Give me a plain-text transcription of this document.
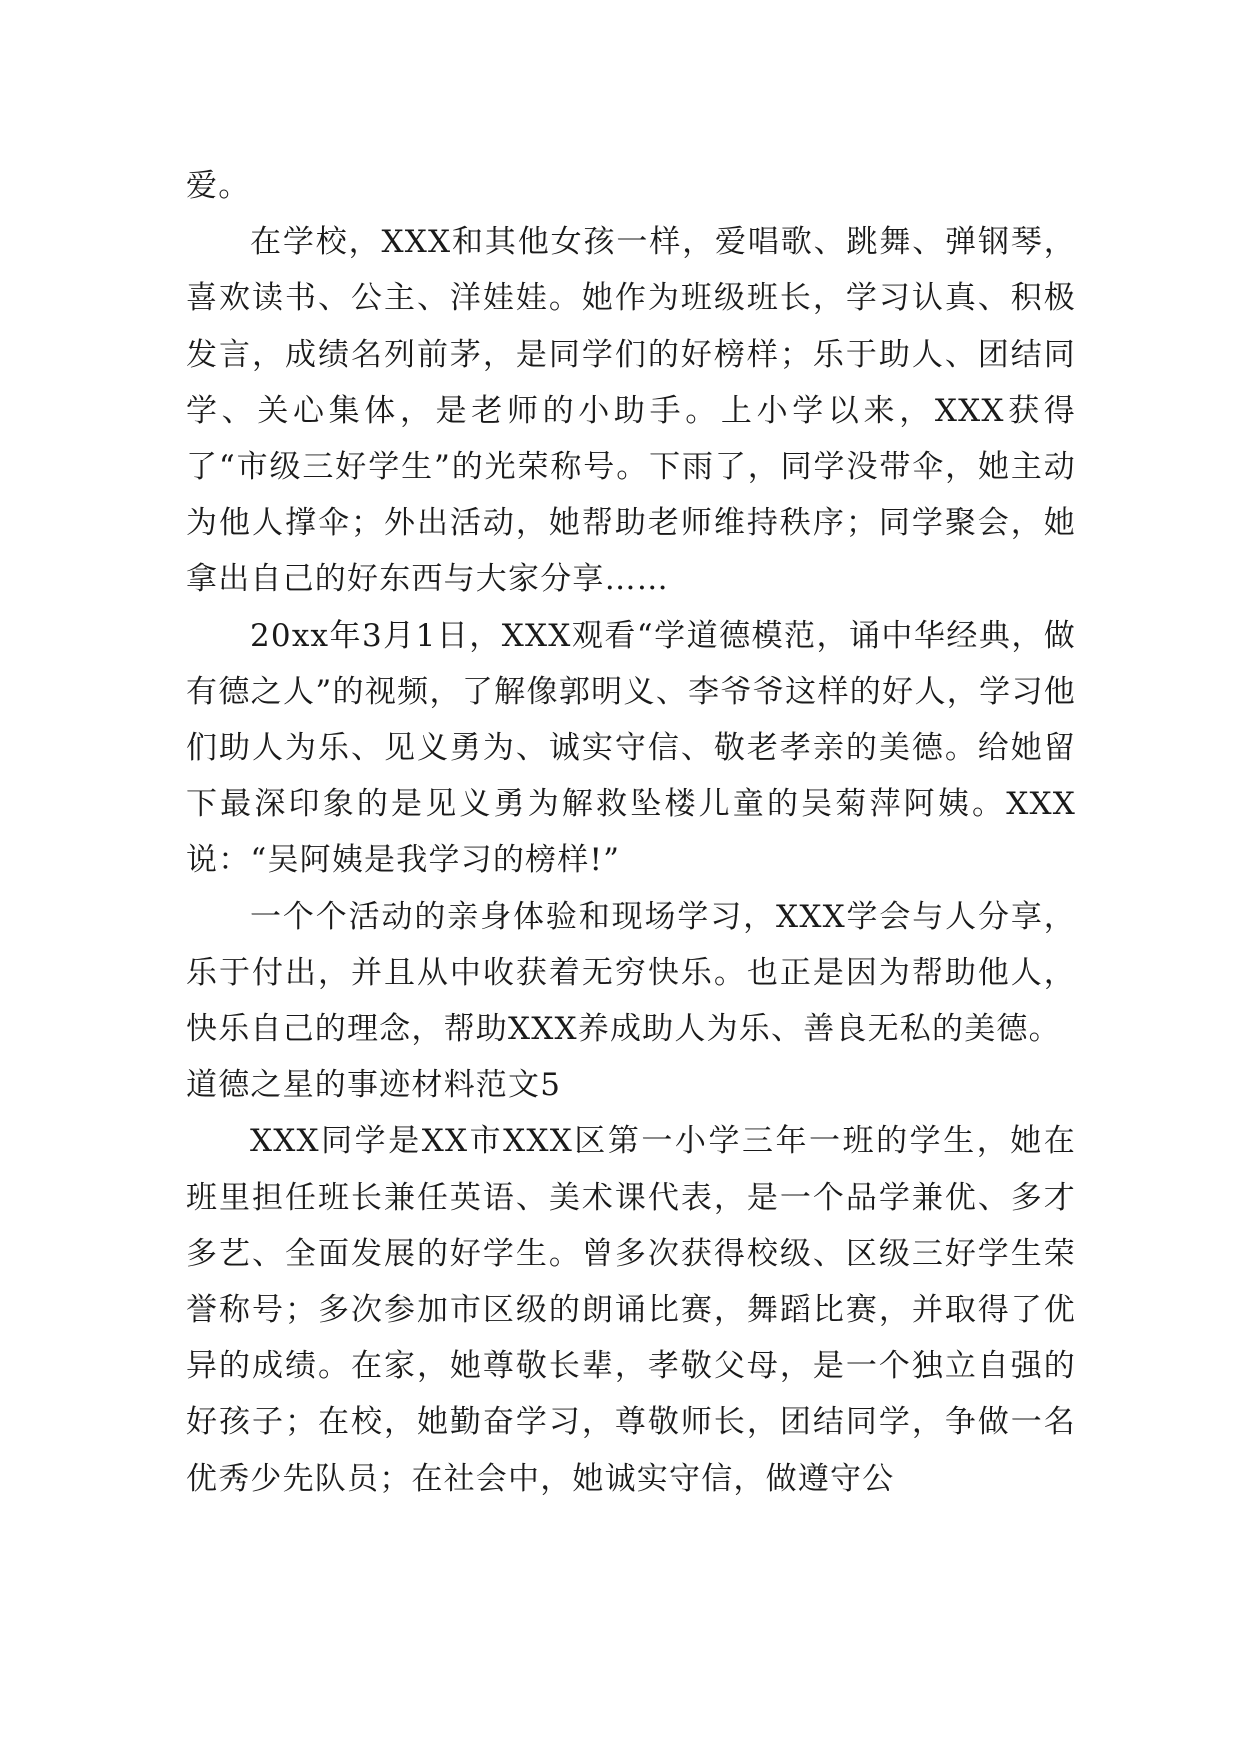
爱。

在学校，XXX和其他女孩一样，爱唱歌、跳舞、弹钢琴，喜欢读书、公主、洋娃娃。她作为班级班长，学习认真、积极发言，成绩名列前茅，是同学们的好榜样；乐于助人、团结同学、关心集体，是老师的小助手。上小学以来，XXX获得了“市级三好学生”的光荣称号。下雨了，同学没带伞，她主动为他人撑伞；外出活动，她帮助老师维持秩序；同学聚会，她拿出自己的好东西与大家分享……

20xx年3月1日，XXX观看“学道德模范，诵中华经典，做有德之人”的视频，了解像郭明义、李爷爷这样的好人，学习他们助人为乐、见义勇为、诚实守信、敬老孝亲的美德。给她留下最深印象的是见义勇为解救坠楼儿童的吴菊萍阿姨。XXX说：“吴阿姨是我学习的榜样!”

一个个活动的亲身体验和现场学习，XXX学会与人分享，乐于付出，并且从中收获着无穷快乐。也正是因为帮助他人，快乐自己的理念，帮助XXX养成助人为乐、善良无私的美德。

道德之星的事迹材料范文5

XXX同学是XX市XXX区第一小学三年一班的学生，她在班里担任班长兼任英语、美术课代表，是一个品学兼优、多才多艺、全面发展的好学生。曾多次获得校级、区级三好学生荣誉称号；多次参加市区级的朗诵比赛，舞蹈比赛，并取得了优异的成绩。在家，她尊敬长辈，孝敬父母，是一个独立自强的好孩子；在校，她勤奋学习，尊敬师长，团结同学，争做一名优秀少先队员；在社会中，她诚实守信，做遵守公
